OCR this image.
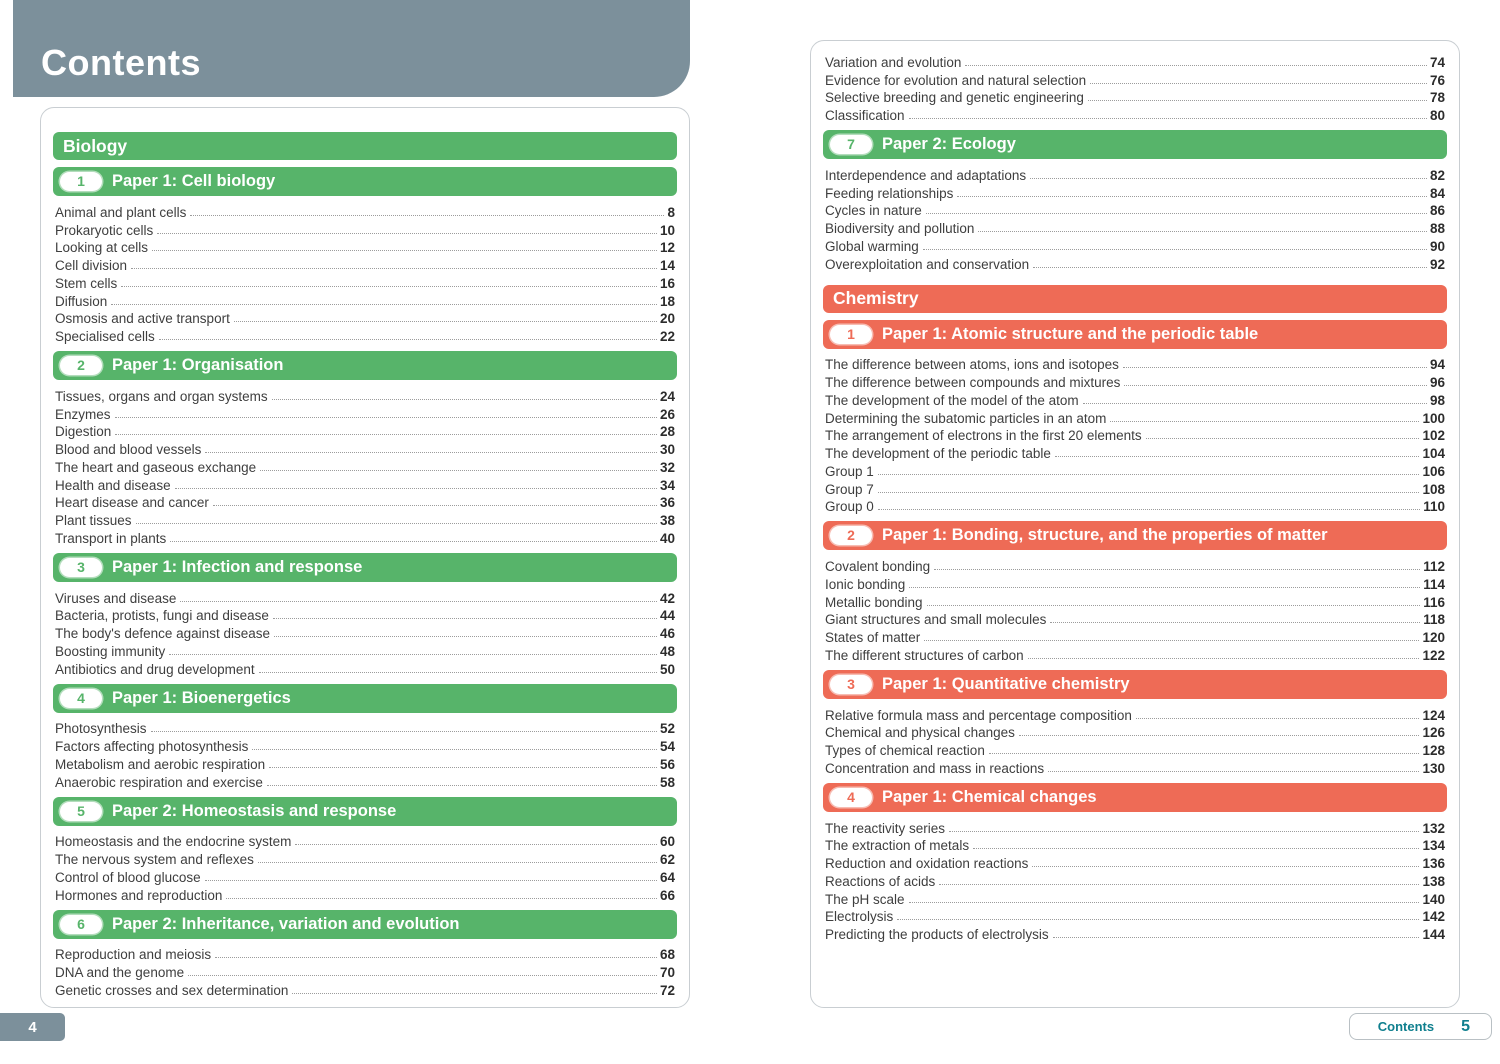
Contents
Biology
1	Paper 1: Cell biology
Animal and plant cells	8
Prokaryotic cells	10
Looking at cells	12
Cell division	14
Stem cells	16
Diffusion	18
Osmosis and active transport	20
Specialised cells	22
2	Paper 1: Organisation
Tissues, organs and organ systems	24
Enzymes	26
Digestion	28
Blood and blood vessels	30
The heart and gaseous exchange	32
Health and disease	34
Heart disease and cancer	36
Plant tissues	38
Transport in plants	40
3	Paper 1: Infection and response
Viruses and disease	42
Bacteria, protists, fungi and disease	44
The body's defence against disease	46
Boosting immunity	48
Antibiotics and drug development	50
4	Paper 1: Bioenergetics
Photosynthesis	52
Factors affecting photosynthesis	54
Metabolism and aerobic respiration	56
Anaerobic respiration and exercise	58
5	Paper 2: Homeostasis and response
Homeostasis and the endocrine system	60
The nervous system and reflexes	62
Control of blood glucose	64
Hormones and reproduction	66
6	Paper 2: Inheritance, variation and evolution
Reproduction and meiosis	68
DNA and the genome	70
Genetic crosses and sex determination	72
Variation and evolution	74
Evidence for evolution and natural selection	76
Selective breeding and genetic engineering	78
Classification	80
7	Paper 2: Ecology
Interdependence and adaptations	82
Feeding relationships	84
Cycles in nature	86
Biodiversity and pollution	88
Global warming	90
Overexploitation and conservation	92
Chemistry
1	Paper 1: Atomic structure and the periodic table
The difference between atoms, ions and isotopes	94
The difference between compounds and mixtures	96
The development of the model of the atom	98
Determining the subatomic particles in an atom	100
The arrangement of electrons in the first 20 elements	102
The development of the periodic table	104
Group 1	106
Group 7	108
Group 0	110
2	Paper 1: Bonding, structure, and the properties of matter
Covalent bonding	112
Ionic bonding	114
Metallic bonding	116
Giant structures and small molecules	118
States of matter	120
The different structures of carbon	122
3	Paper 1: Quantitative chemistry
Relative formula mass and percentage composition	124
Chemical and physical changes	126
Types of chemical reaction	128
Concentration and mass in reactions	130
4	Paper 1: Chemical changes
The reactivity series	132
The extraction of metals	134
Reduction and oxidation reactions	136
Reactions of acids	138
The pH scale	140
Electrolysis	142
Predicting the products of electrolysis	144
4	Contents 5
